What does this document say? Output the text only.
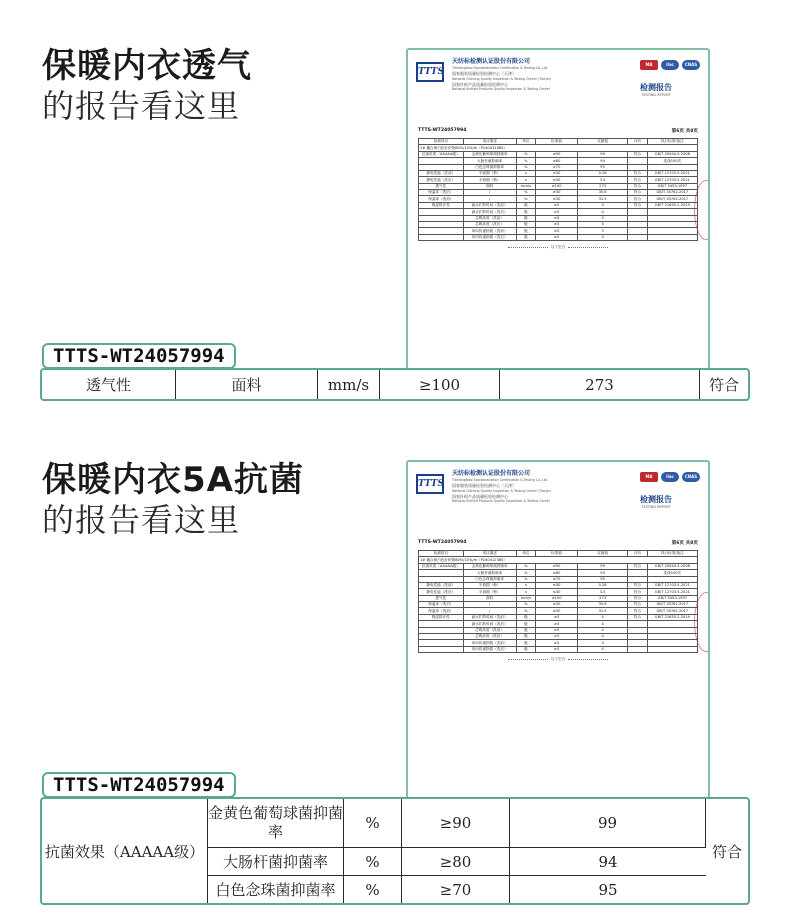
保暖内衣透气
的报告看这里
TTTS
天纺标检测认证股份有限公司
Tianfangbiao Standardization Certification & Testing Co.,Ltd.
国家服装质量检验检测中心（天津）
National Clothing Quality Inspection & Testing Center (Tianjin)
国家针织产品质量检验检测中心
National Knitted Products Quality Inspection & Testing Center
MA	ilac	CNAS
检测报告
TESTING REPORT
TTTS-WT24057994	第6页 共8页
检测项目	项目描述	单位	标准值	实测值	评价	执行标准/备注
1# 藕合黄白色针织物80%/10%/m（P24041238S）						
抗菌效果（AAAAA级）	金黄色葡萄球菌抑菌率	%	≥90	99	符合	GB/T 20944.3-2008
	大肠杆菌抑菌率	%	≥80	94		洗涤100次
	白色念珠菌抑菌率	%	≥70	95		
静电性能（洗前）	半衰期（秒）	s	≤30	0.26	符合	GB/T 12703.5-2021
静电性能（洗后）	半衰期（秒）	s	≤30	3.5	符合	GB/T 12703.5-2021
透气性	面料	mm/s	≥100	273	符合	GB/T 5453-1997
保温率（洗后）	/	%	≥30	35.6	符合	GB/T 35762-2017
保温率（洗前）	/	%	≥30	31.5	符合	GB/T 35762-2017
吸湿排汗性	滴水扩散时间（洗前）	级	≥3	4	符合	GB/T 21655.2-2019
	滴水扩散时间（洗后）	级	≥3	4		
	芯吸高度（洗前）	级	≥3	4		
	芯吸高度（洗后）	级	≥3	4		
	单向传递指数（洗前）	级	≥3	3		
	单向传递指数（洗后）	级	≥3	4		
以下空白
TTTS-WT24057994
透气性	面料	mm/s	≥100	273	符合
保暖内衣5A抗菌
的报告看这里
TTTS
天纺标检测认证股份有限公司
Tianfangbiao Standardization Certification & Testing Co.,Ltd.
国家服装质量检验检测中心（天津）
National Clothing Quality Inspection & Testing Center (Tianjin)
国家针织产品质量检验检测中心
National Knitted Products Quality Inspection & Testing Center
MA	ilac	CNAS
检测报告
TESTING REPORT
TTTS-WT24057994	第6页 共8页
检测项目	项目描述	单位	标准值	实测值	评价	执行标准/备注
1# 藕合黄白色针织物80%/10%/m（P24041238S）						
抗菌效果（AAAAA级）	金黄色葡萄球菌抑菌率	%	≥90	99	符合	GB/T 20944.3-2008
	大肠杆菌抑菌率	%	≥80	94		洗涤100次
	白色念珠菌抑菌率	%	≥70	95		
静电性能（洗前）	半衰期（秒）	s	≤30	0.26	符合	GB/T 12703.5-2021
静电性能（洗后）	半衰期（秒）	s	≤30	3.5	符合	GB/T 12703.5-2021
透气性	面料	mm/s	≥100	273	符合	GB/T 5453-1997
保温率（洗后）	/	%	≥30	35.6	符合	GB/T 35762-2017
保温率（洗前）	/	%	≥30	31.5	符合	GB/T 35762-2017
吸湿排汗性	滴水扩散时间（洗前）	级	≥3	4	符合	GB/T 21655.2-2019
	滴水扩散时间（洗后）	级	≥3	4		
	芯吸高度（洗前）	级	≥3	4		
	芯吸高度（洗后）	级	≥3	4		
	单向传递指数（洗前）	级	≥3	3		
	单向传递指数（洗后）	级	≥3	4		
以下空白
TTTS-WT24057994
抗菌效果（AAAAA级）	金黄色葡萄球菌抑菌率	%	≥90	99	符合
	大肠杆菌抑菌率	%	≥80	94	
	白色念珠菌抑菌率	%	≥70	95	
